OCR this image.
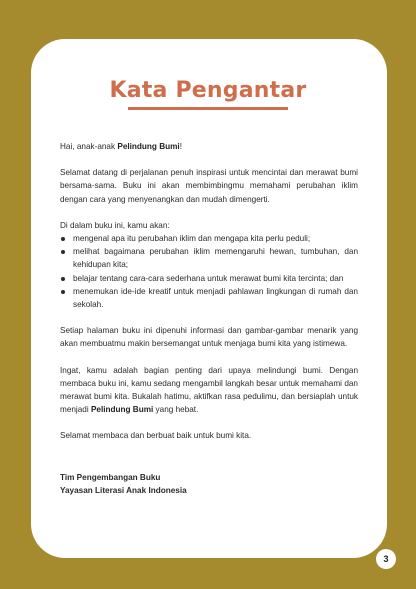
Kata Pengantar

Hai, anak-anak Pelindung Bumi!

Selamat datang di perjalanan penuh inspirasi untuk mencintai dan merawat bumi bersama-sama. Buku ini akan membimbingmu memahami perubahan iklim dengan cara yang menyenangkan dan mudah dimengerti.

Di dalam buku ini, kamu akan:
mengenal apa itu perubahan iklim dan mengapa kita perlu peduli;
melihat bagaimana perubahan iklim memengaruhi hewan, tumbuhan, dan kehidupan kita;
belajar tentang cara-cara sederhana untuk merawat bumi kita tercinta; dan
menemukan ide-ide kreatif untuk menjadi pahlawan lingkungan di rumah dan sekolah.

Setiap halaman buku ini dipenuhi informasi dan gambar-gambar menarik yang akan membuatmu makin bersemangat untuk menjaga bumi kita yang istimewa.

Ingat, kamu adalah bagian penting dari upaya melindungi bumi. Dengan membaca buku ini, kamu sedang mengambil langkah besar untuk memahami dan merawat bumi kita. Bukalah hatimu, aktifkan rasa pedulimu, dan bersiaplah untuk menjadi Pelindung Bumi yang hebat.

Selamat membaca dan berbuat baik untuk bumi kita.

Tim Pengembangan Buku
Yayasan Literasi Anak Indonesia
3
